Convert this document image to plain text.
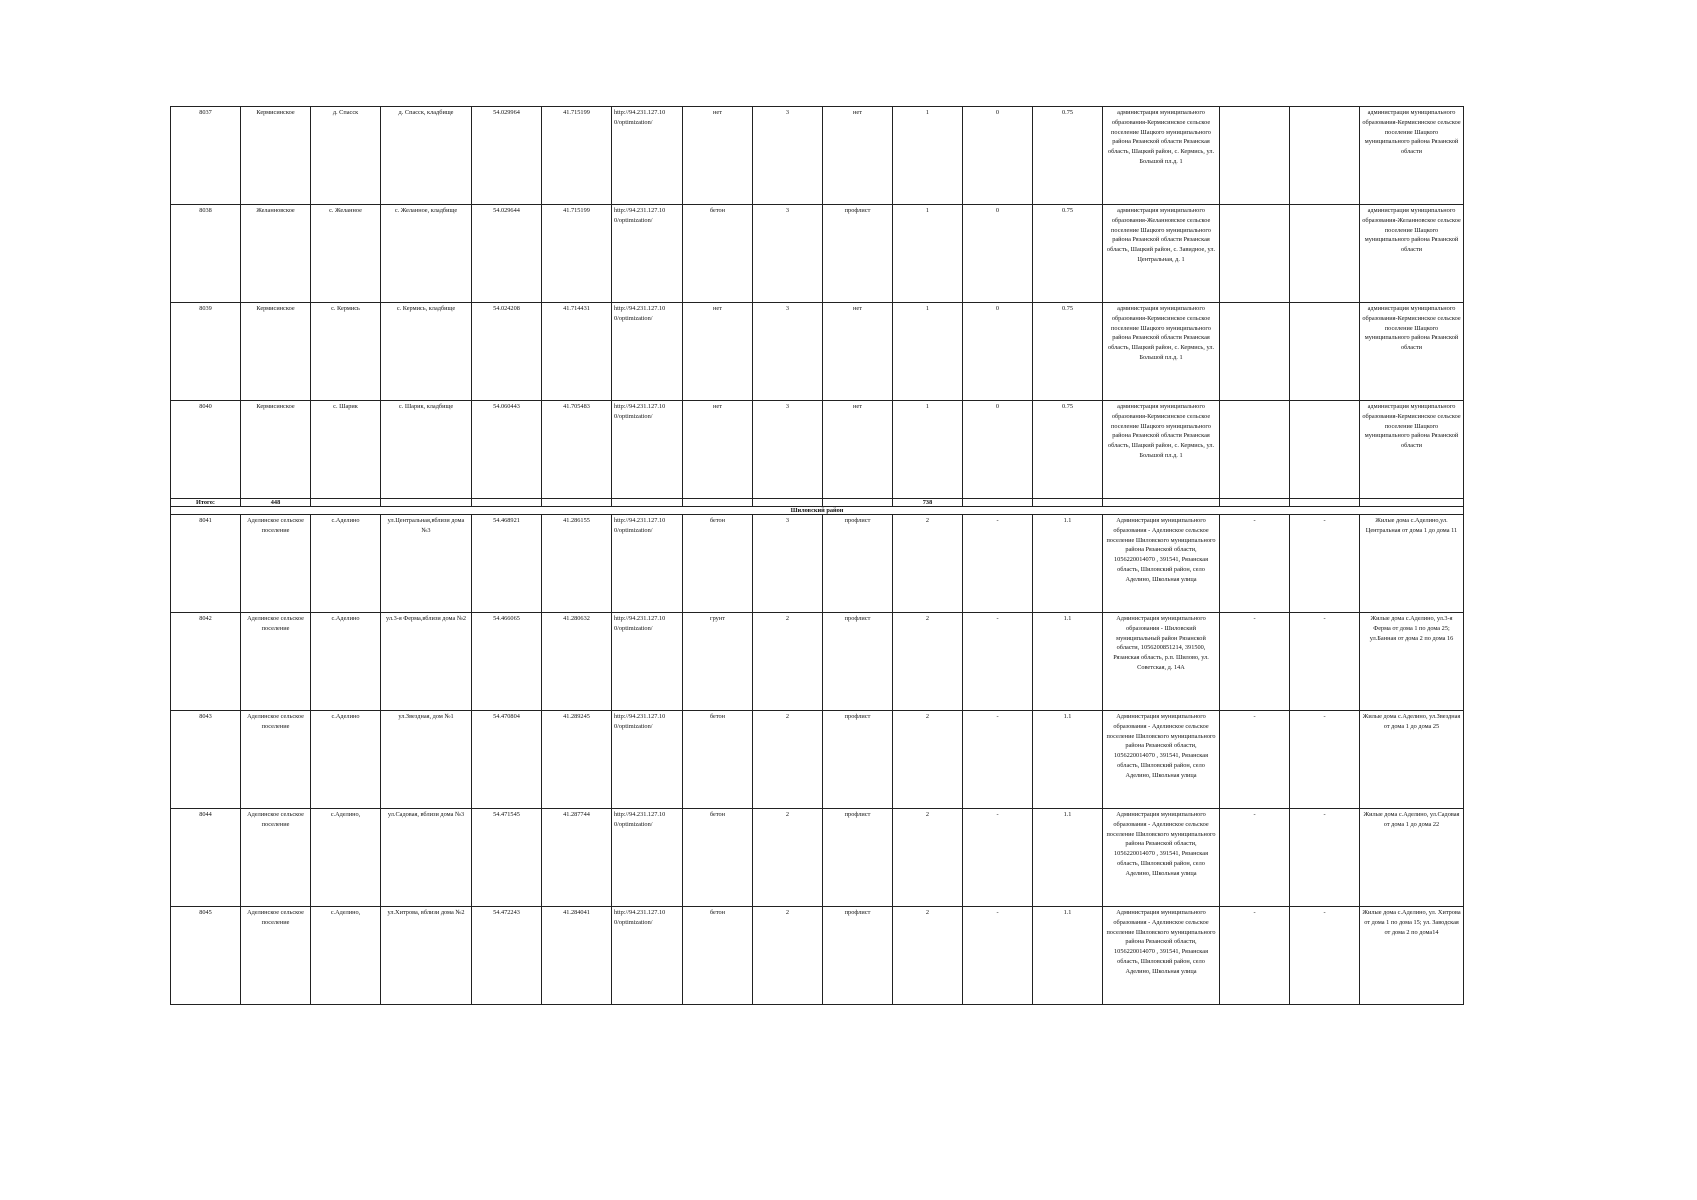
8037	Кермисинское	д. Спасск	д. Спасск, кладбище	54.029964	41.715199	http://94.231.127.10 0/optimization/	нет	3	нет	1	0	0.75	администрация муниципального образования-Кермисинское сельское поселение Шацкого муниципального района Рязанской области Рязанская область, Шацкий район, с. Кермись, ул. Большой пл.д. 1			администрация муниципального образования-Кермисинское сельское поселение Шацкого муниципального района Рязанской области
8038	Желанновское	с. Желанное	с. Желанное, кладбище	54.029644	41.715199	http://94.231.127.10 0/optimization/	бетон	3	профлист	1	0	0.75	администрация муниципального образования-Желанновское сельское поселение Шацкого муниципального района Рязанской области Рязанская область, Шацкий район, с. Завидное, ул. Центральная, д. 1			администрация муниципального образования-Желанновское сельское поселение Шацкого муниципального района Рязанской области
8039	Кермисинское	с. Кермись	с. Кермись, кладбище	54.024208	41.714431	http://94.231.127.10 0/optimization/	нет	3	нет	1	0	0.75	администрация муниципального образования-Кермисинское сельское поселение Шацкого муниципального района Рязанской области Рязанская область, Шацкий район, с. Кермись, ул. Большой пл.д. 1			администрация муниципального образования-Кермисинское сельское поселение Шацкого муниципального района Рязанской области
8040	Кермисинское	с. Шарик	с. Шарик, кладбище	54.060443	41.705483	http://94.231.127.10 0/optimization/	нет	3	нет	1	0	0.75	администрация муниципального образования-Кермисинское сельское поселение Шацкого муниципального района Рязанской области Рязанская область, Шацкий район, с. Кермись, ул. Большой пл.д. 1			администрация муниципального образования-Кермисинское сельское поселение Шацкого муниципального района Рязанской области
Итого:	448									738						
Шиловский район																
8041	Аделинское сельское поселение	с.Аделино	ул.Центральная,вблизи дома №3	54.468921	41.286155	http://94.231.127.10 0/optimization/	бетон	3	профлист	2	-	1.1	Администрация муниципального образования - Аделинское сельское поселение Шиловского муниципального района Рязанской области, 1056220014070 , 391541, Рязанская область, Шиловский район, село Аделино, Школьная улица	-	-	Жилые дома с.Аделино,ул. Центральная от дома 1 до дома 11
8042	Аделинское сельское поселение	с.Аделино	ул.3-я Ферма,вблизи дома №2	54.466065	41.280632	http://94.231.127.10 0/optimization/	грунт	2	профлист	2	-	1.1	Администрация муниципального образования - Шиловский муниципальный район Рязанской области, 1056200851214, 391500, Рязанская область, р.п. Шилово, ул. Советская, д. 14А	-	-	Жилые дома с.Аделино, ул.3-я Ферма от дома 1 по дома 25; ул.Банная от дома 2 по дома 16
8043	Аделинское сельское поселение	с.Аделино	ул.Звездная, дом №1	54.470804	41.289245	http://94.231.127.10 0/optimization/	бетон	2	профлист	2	-	1.1	Администрация муниципального образования - Аделинское сельское поселение Шиловского муниципального района Рязанской области, 1056220014070 , 391541, Рязанская область, Шиловский район, село Аделино, Школьная улица	-	-	Жилые дома с.Аделино, ул.Звездная от дома 1 до дома 25
8044	Аделинское сельское поселение	с.Аделино,	ул.Садовая, вблизи дома №3	54.471545	41.287744	http://94.231.127.10 0/optimization/	бетон	2	профлист	2	-	1.1	Администрация муниципального образования - Аделинское сельское поселение Шиловского муниципального района Рязанской области, 1056220014070 , 391541, Рязанская область, Шиловский район, село Аделино, Школьная улица	-	-	Жилые дома с.Аделино, ул.Садовая от дома 1 до дома 22
8045	Аделинское сельское поселение	с.Аделино,	ул.Хитрова, вблизи дома №2	54.472243	41.284041	http://94.231.127.10 0/optimization/	бетон	2	профлист	2	-	1.1	Администрация муниципального образования - Аделинское сельское поселение Шиловского муниципального района Рязанской области, 1056220014070 , 391541, Рязанская область, Шиловский район, село Аделино, Школьная улица	-	-	Жилые дома с.Аделино, ул. Хитрова от дома 1 по дома 15; ул. Заводская от дома 2 по дома14
